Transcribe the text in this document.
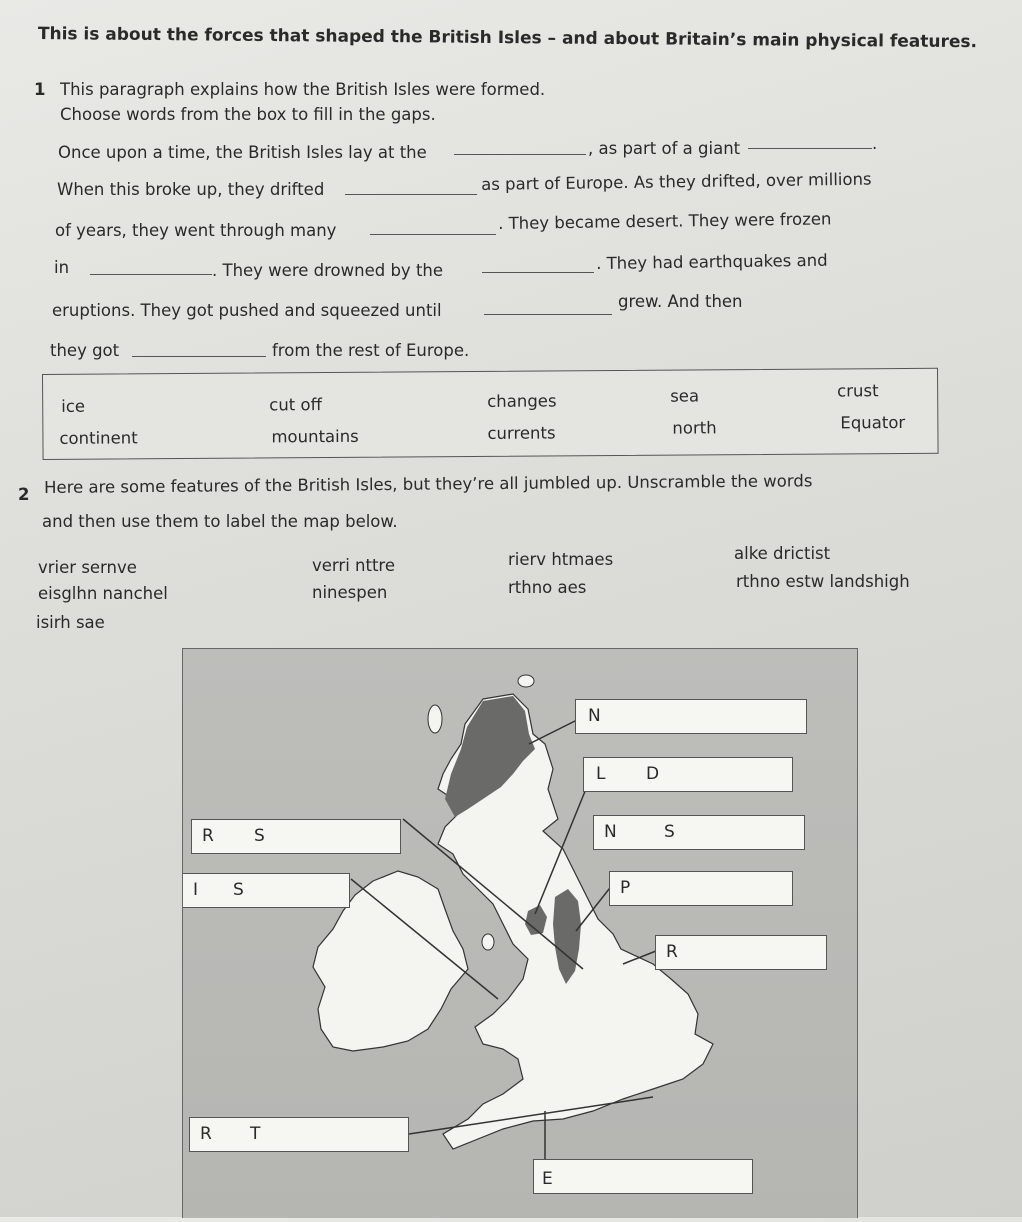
This is about the forces that shaped the British Isles – and about Britain’s main physical features.
1 This paragraph explains how the British Isles were formed.
Choose words from the box to fill in the gaps.
Once upon a time, the British Isles lay at the	, as part of a giant	.
When this broke up, they drifted	as part of Europe. As they drifted, over millions
of years, they went through many	. They became desert. They were frozen
in	. They were drowned by the	. They had earthquakes and
eruptions. They got pushed and squeezed until	grew. And then
they got	from the rest of Europe.
ice	cut off	changes	sea	crust
continent	mountains	currents	north	Equator
2 Here are some features of the British Isles, but they’re all jumbled up. Unscramble the words
and then use them to label the map below.
vrier sernve	verri nttre	rierv htmaes	alke drictist
eisglhn nanchel	ninespen	rthno aes	rthno estw landshigh
isirh sae
N
L D
N	S
P
R
R S
I S
R T
E
